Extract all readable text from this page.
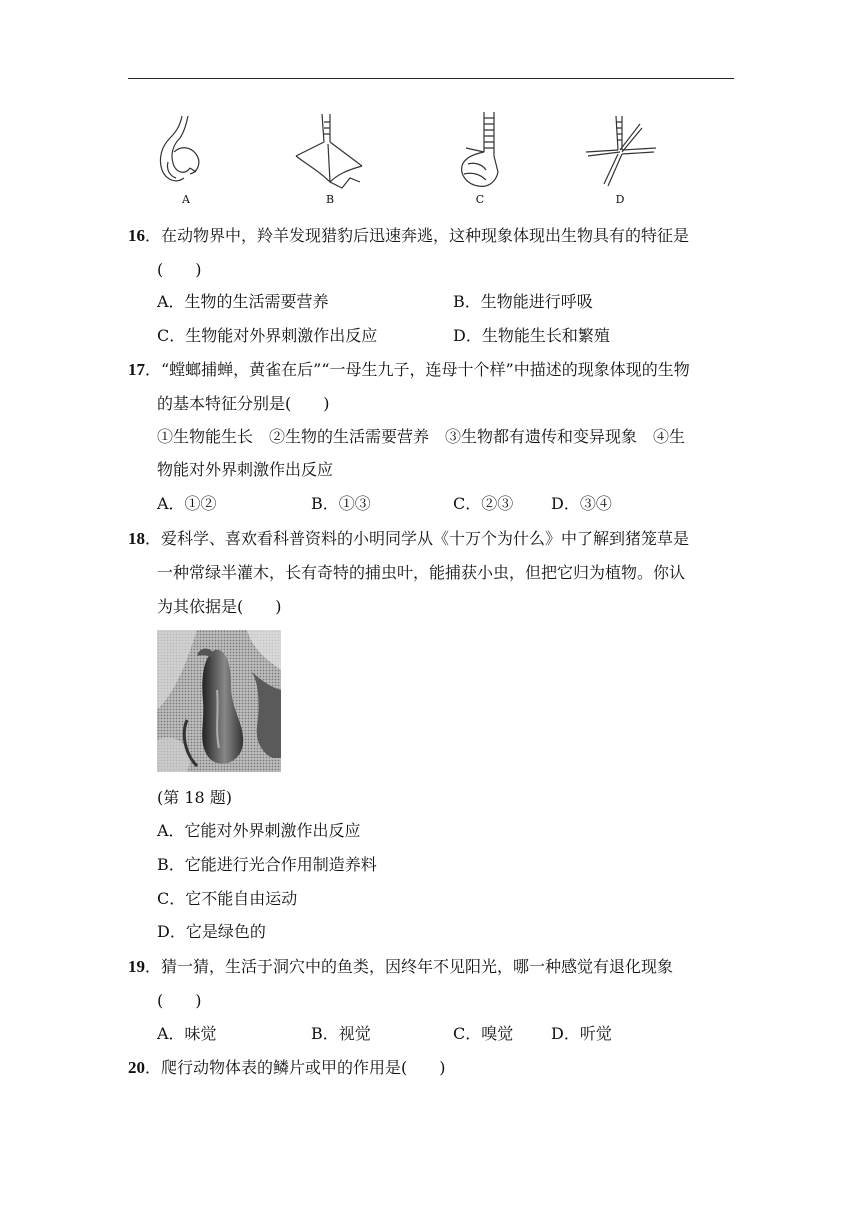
A	B	C	D
16．在动物界中，羚羊发现猎豹后迅速奔逃，这种现象体现出生物具有的特征是
(　　)
A．生物的生活需要营养	B．生物能进行呼吸
C．生物能对外界刺激作出反应	D．生物能生长和繁殖
17．“螳螂捕蝉，黄雀在后”“一母生九子，连母十个样”中描述的现象体现的生物
的基本特征分别是(　　)
①生物能生长　②生物的生活需要营养　③生物都有遗传和变异现象　④生
物能对外界刺激作出反应
A．①②	B．①③	C．②③ D．③④
18．爱科学、喜欢看科普资料的小明同学从《十万个为什么》中了解到猪笼草是
一种常绿半灌木，长有奇特的捕虫叶，能捕获小虫，但把它归为植物。你认
为其依据是(　　)
(第 18 题)
A．它能对外界刺激作出反应
B．它能进行光合作用制造养料
C．它不能自由运动
D．它是绿色的
19．猜一猜，生活于洞穴中的鱼类，因终年不见阳光，哪一种感觉有退化现象
(　　)
A．味觉	B．视觉	C．嗅觉 D．听觉
20．爬行动物体表的鳞片或甲的作用是(　　)
